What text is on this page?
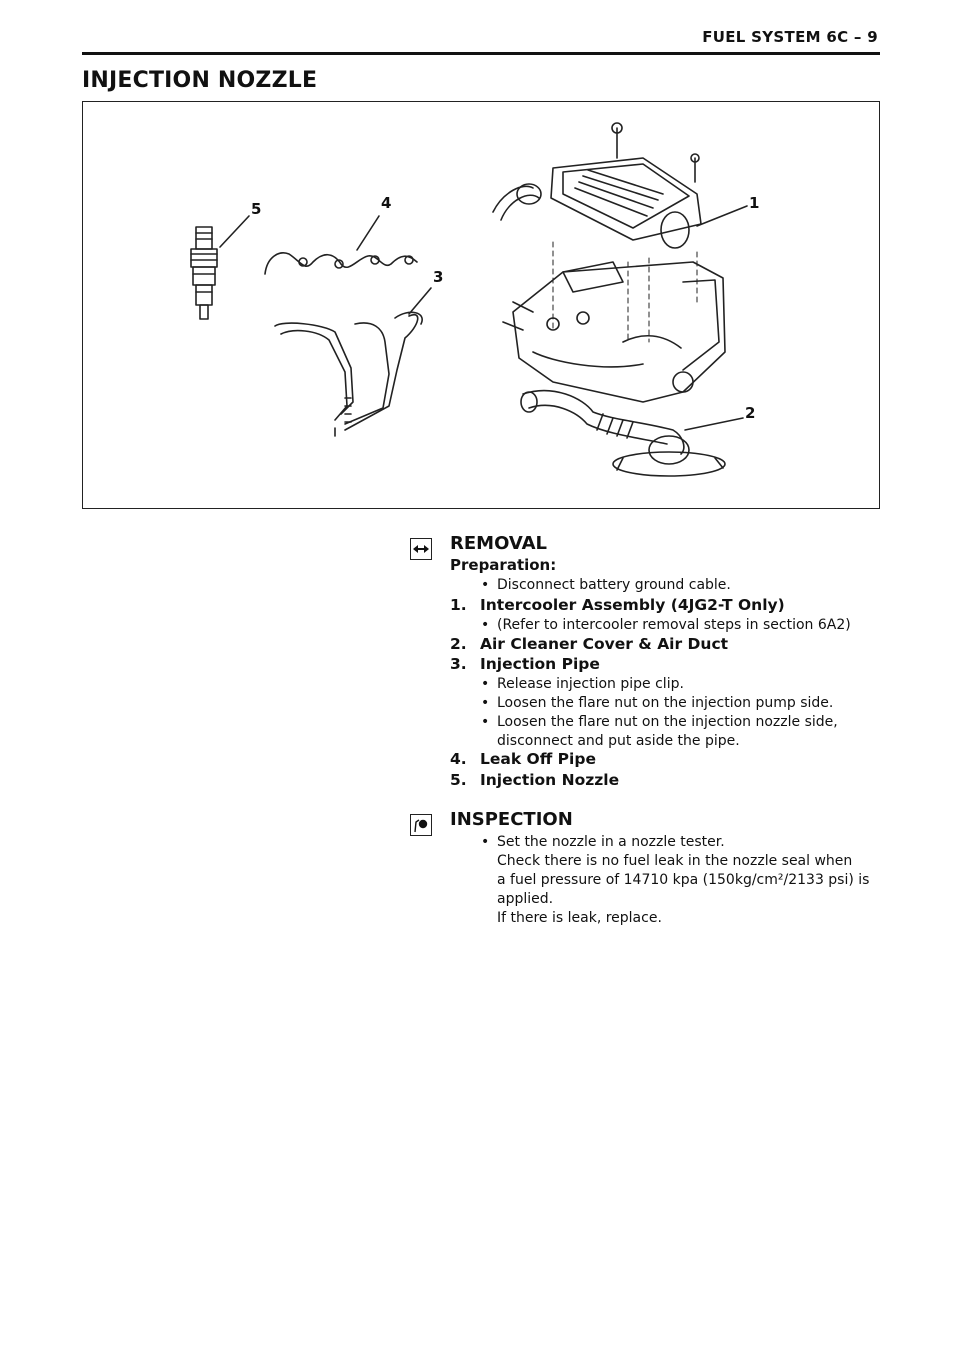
FUEL SYSTEM 6C – 9
INJECTION NOZZLE
5	4
3
1
2
REMOVAL
Preparation:
• Disconnect battery ground cable.
1. Intercooler Assembly (4JG2-T Only)
• (Refer to intercooler removal steps in section 6A2)
2. Air Cleaner Cover & Air Duct
3. Injection Pipe
• Release injection pipe clip.
• Loosen the flare nut on the injection pump side.
• Loosen the flare nut on the injection nozzle side,
disconnect and put aside the pipe.
4. Leak Off Pipe
5. Injection Nozzle
INSPECTION
• Set the nozzle in a nozzle tester.
Check there is no fuel leak in the nozzle seal when
a fuel pressure of 14710 kpa (150kg/cm²/2133 psi) is
applied.
If there is leak, replace.
